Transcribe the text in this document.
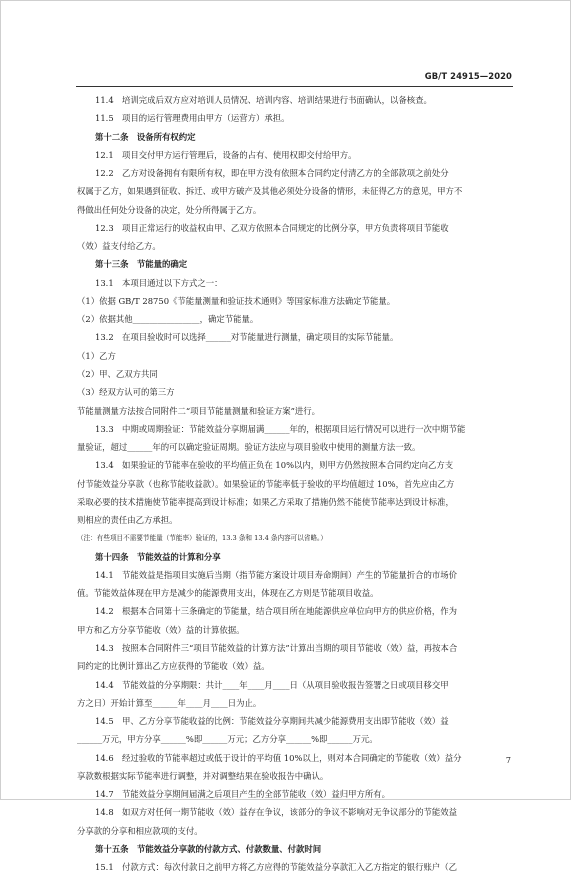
GB/T 24915—2020
11.4　培训完成后双方应对培训人员情况、培训内容、培训结果进行书面确认，以备核查。
11.5　项目的运行管理费用由甲方（运营方）承担。
第十二条　设备所有权约定
12.1　项目交付甲方运行管理后，设备的占有、使用权即交付给甲方。
12.2　乙方对设备拥有有限所有权，即在甲方没有依照本合同约定付清乙方的全部款项之前处分
权属于乙方，如果遇到征收、拆迁、或甲方破产及其他必须处分设备的情形，未征得乙方的意见，甲方不
得做出任何处分设备的决定，处分所得属于乙方。
12.3　项目正常运行的收益权由甲、乙双方依照本合同规定的比例分享，甲方负责将项目节能收
（效）益支付给乙方。
第十三条　节能量的确定
13.1　本项目通过以下方式之一：
（1）依据 GB/T 28750《节能量测量和验证技术通则》等国家标准方法确定节能量。
（2）依据其他________________，确定节能量。
13.2　在项目验收时可以选择______对节能量进行测量，确定项目的实际节能量。
（1）乙方
（2）甲、乙双方共同
（3）经双方认可的第三方
节能量测量方法按合同附件二“项目节能量测量和验证方案”进行。
13.3　中期或周期验证：节能效益分享期届满______年的，根据项目运行情况可以进行一次中期节能
量验证，超过______年的可以确定验证周期。验证方法应与项目验收中使用的测量方法一致。
13.4　如果验证的节能率在验收的平均值正负在 10%以内，则甲方仍然按照本合同约定向乙方支
付节能效益分享款（也称节能收益款）。如果验证的节能率低于验收的平均值超过 10%，首先应由乙方
采取必要的技术措施使节能率提高到设计标准；如果乙方采取了措施仍然不能使节能率达到设计标准，
则相应的责任由乙方承担。
（注：有些项目不需要节能量（节能率）验证的，13.3 条和 13.4 条内容可以省略。）
第十四条　节能效益的计算和分享
14.1　节能效益是指项目实施后当期（指节能方案设计项目寿命期间）产生的节能量折合的市场价
值。节能效益体现在甲方是减少的能源费用支出，体现在乙方则是节能项目收益。
14.2　根据本合同第十三条确定的节能量，结合项目所在地能源供应单位向甲方的供应价格，作为
甲方和乙方分享节能收（效）益的计算依据。
14.3　按照本合同附件三“项目节能效益的计算方法”计算出当期的项目节能收（效）益，再按本合
同约定的比例计算出乙方应获得的节能收（效）益。
14.4　节能效益的分享期限：共计____年____月____日（从项目验收报告签署之日或项目移交甲
方之日）开始计算至______年____月____日为止。
14.5　甲、乙方分享节能收益的比例：节能效益分享期间共减少能源费用支出即节能收（效）益
______万元，甲方分享______%即______万元；乙方分享______%即______万元。
14.6　经过验收的节能率超过或低于设计的平均值 10%以上，则对本合同确定的节能收（效）益分
享款数根据实际节能率进行调整，并对调整结果在验收报告中确认。
14.7　节能效益分享期间届满之后项目产生的全部节能收（效）益归甲方所有。
14.8　如双方对任何一期节能收（效）益存在争议，该部分的争议不影响对无争议部分的节能效益
分享款的分享和相应款项的支付。
第十五条　节能效益分享款的付款方式、付款数量、付款时间
15.1　付款方式：每次付款日之前甲方将乙方应得的节能效益分享款汇入乙方指定的银行账户（乙
7
